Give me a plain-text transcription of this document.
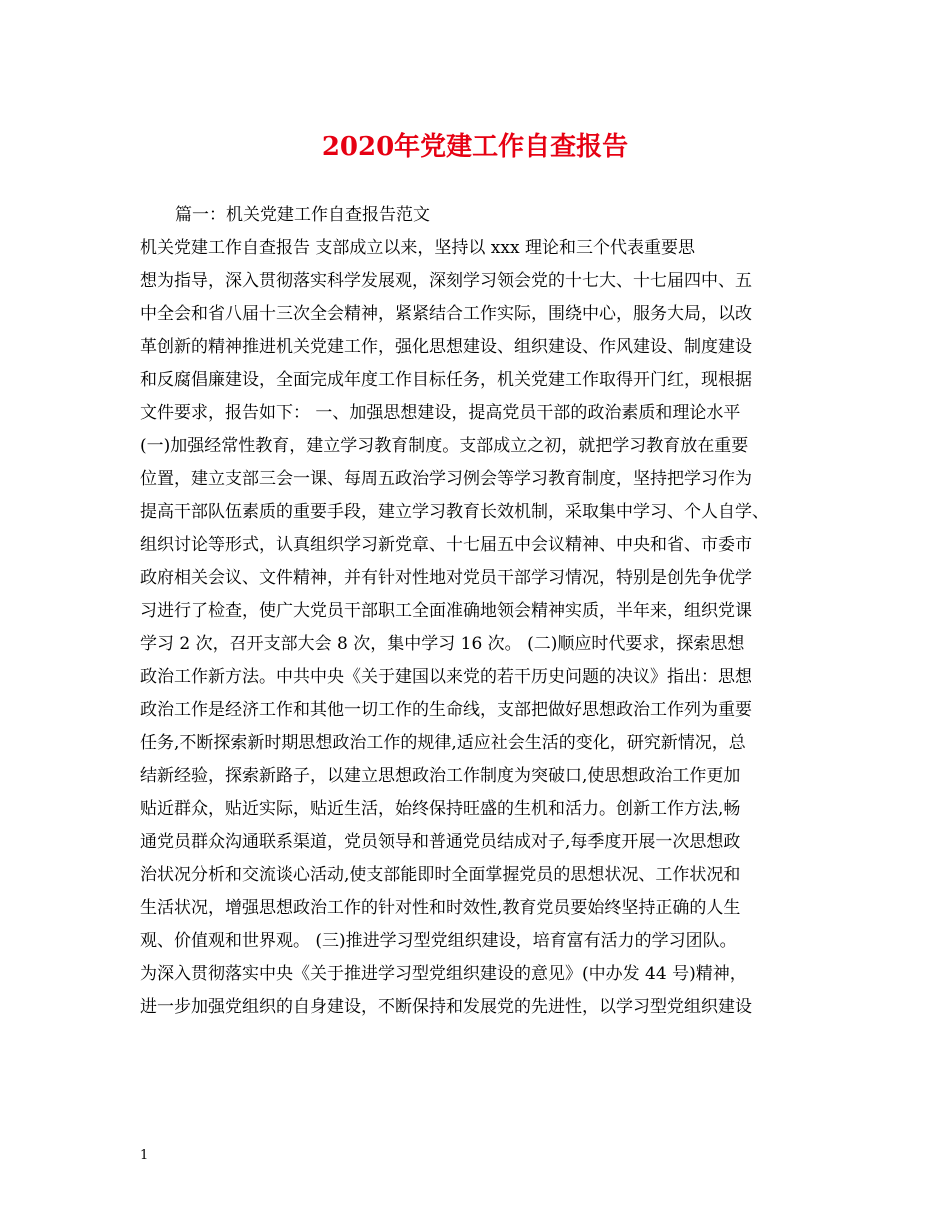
2020年党建工作自查报告
篇一：机关党建工作自查报告范文
机关党建工作自查报告 支部成立以来，坚持以 xxx 理论和三个代表重要思
想为指导，深入贯彻落实科学发展观，深刻学习领会党的十七大、十七届四中、五
中全会和省八届十三次全会精神，紧紧结合工作实际，围绕中心，服务大局，以改
革创新的精神推进机关党建工作，强化思想建设、组织建设、作风建设、制度建设
和反腐倡廉建设，全面完成年度工作目标任务，机关党建工作取得开门红，现根据
文件要求，报告如下： 一、加强思想建设，提高党员干部的政治素质和理论水平
(一)加强经常性教育，建立学习教育制度。支部成立之初，就把学习教育放在重要
位置，建立支部三会一课、每周五政治学习例会等学习教育制度，坚持把学习作为
提高干部队伍素质的重要手段，建立学习教育长效机制，采取集中学习、个人自学、
组织讨论等形式，认真组织学习新党章、十七届五中会议精神、中央和省、市委市
政府相关会议、文件精神，并有针对性地对党员干部学习情况，特别是创先争优学
习进行了检查，使广大党员干部职工全面准确地领会精神实质，半年来，组织党课
学习 2 次，召开支部大会 8 次，集中学习 16 次。 (二)顺应时代要求，探索思想
政治工作新方法。中共中央《关于建国以来党的若干历史问题的决议》指出：思想
政治工作是经济工作和其他一切工作的生命线，支部把做好思想政治工作列为重要
任务,不断探索新时期思想政治工作的规律,适应社会生活的变化，研究新情况，总
结新经验，探索新路子，以建立思想政治工作制度为突破口,使思想政治工作更加
贴近群众，贴近实际，贴近生活，始终保持旺盛的生机和活力。创新工作方法,畅
通党员群众沟通联系渠道，党员领导和普通党员结成对子,每季度开展一次思想政
治状况分析和交流谈心活动,使支部能即时全面掌握党员的思想状况、工作状况和
生活状况，增强思想政治工作的针对性和时效性,教育党员要始终坚持正确的人生
观、价值观和世界观。 (三)推进学习型党组织建设，培育富有活力的学习团队。
为深入贯彻落实中央《关于推进学习型党组织建设的意见》(中办发 44 号)精神，
进一步加强党组织的自身建设，不断保持和发展党的先进性，以学习型党组织建设
1
